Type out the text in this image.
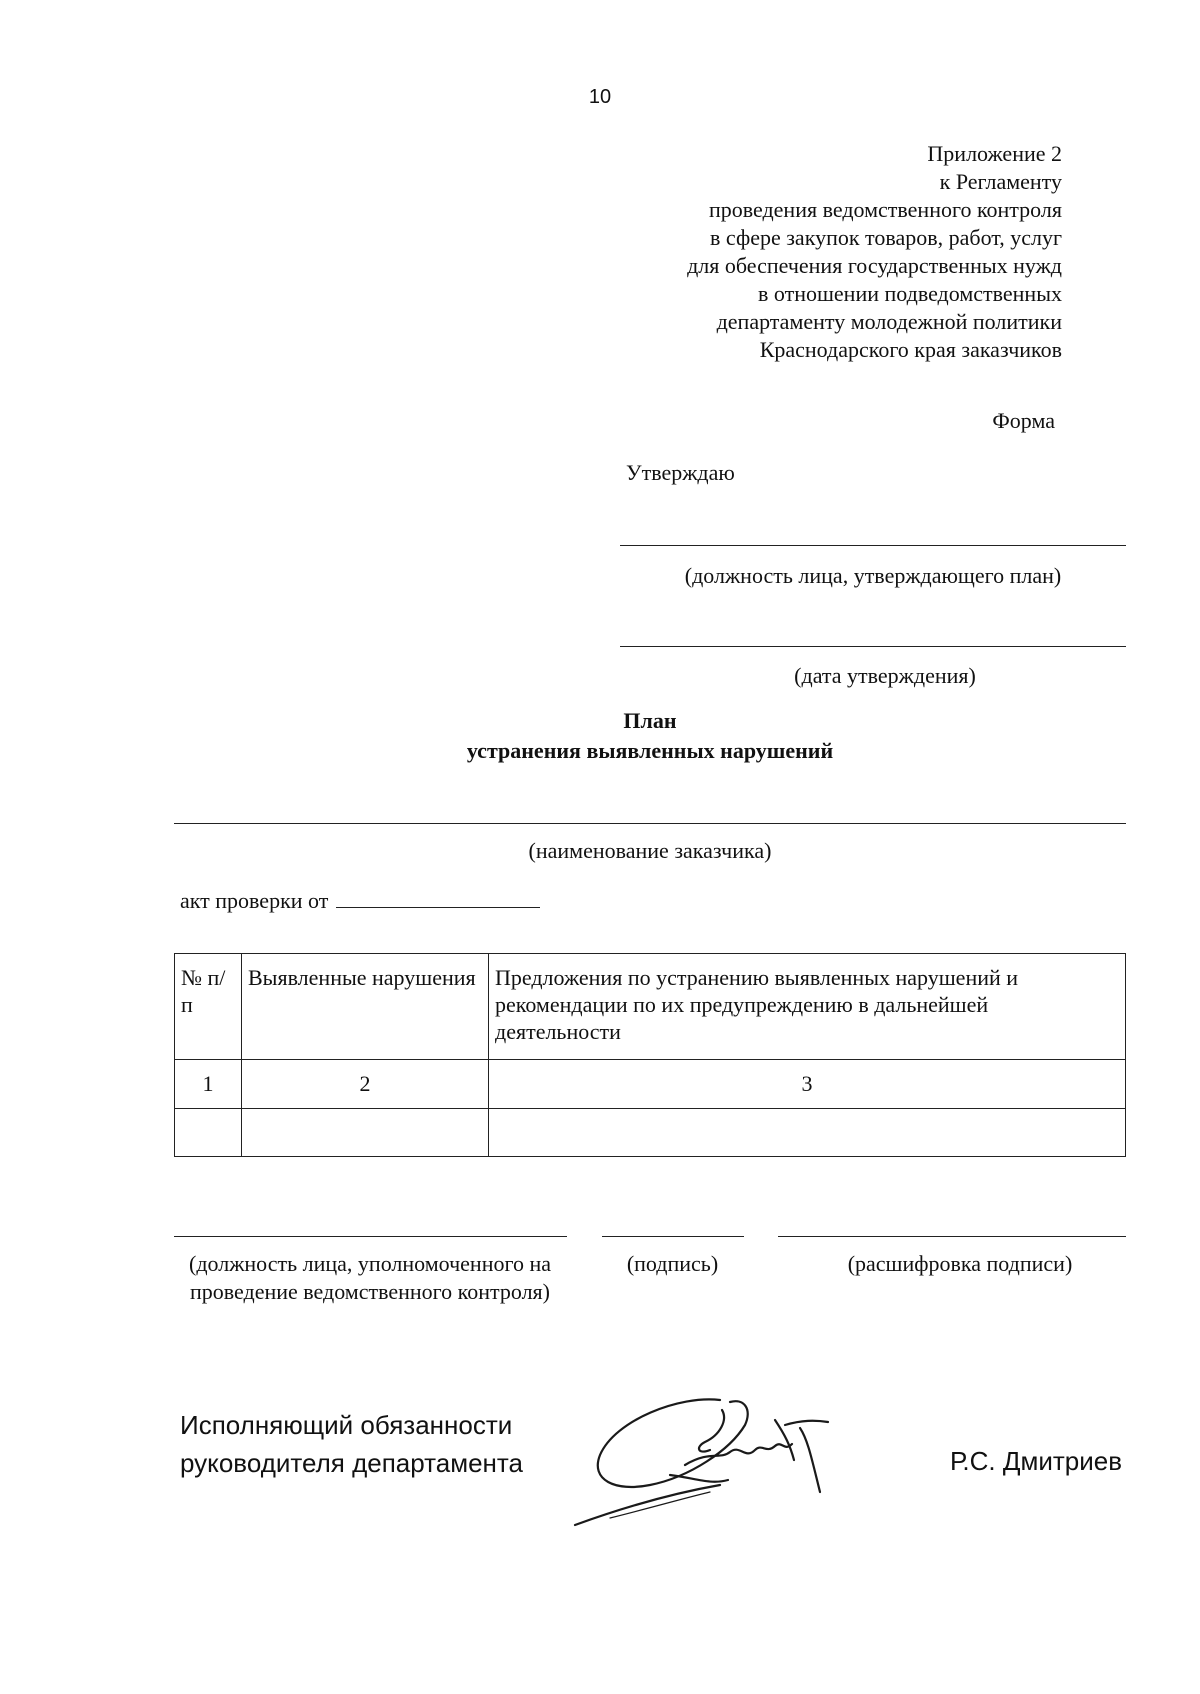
10
Приложение 2
к Регламенту
проведения ведомственного контроля
в сфере закупок товаров, работ, услуг
для обеспечения государственных нужд
в отношении подведомственных
департаменту молодежной политики
Краснодарского края заказчиков
Форма
Утверждаю
(должность лица, утверждающего план)
(дата утверждения)
План
устранения выявленных нарушений
(наименование заказчика)
акт проверки от
№ п/п	Выявленные нарушения	Предложения по устранению выявленных нарушений и рекомендации по их предупреждению в дальнейшей деятельности
1	2	3

(должность лица, уполномоченного на проведение ведомственного контроля)
(подпись)	(расшифровка подписи)
Исполняющий обязанности
руководителя департамента	Р.С. Дмитриев
